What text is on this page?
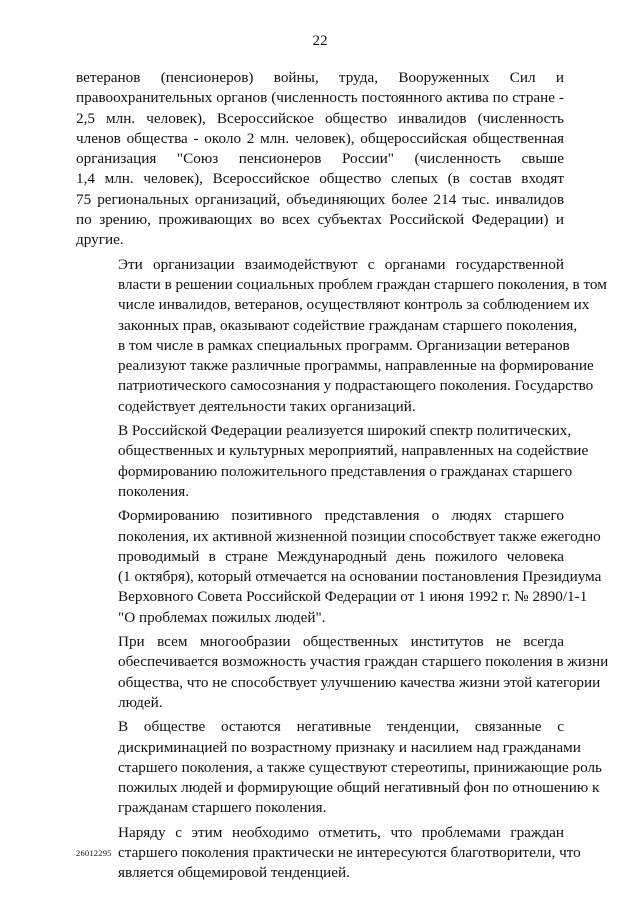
22

ветеранов (пенсионеров) войны, труда, Вооруженных Сил и
правоохранительных органов (численность постоянного актива по стране -
2,5 млн. человек), Всероссийское общество инвалидов (численность
членов общества - около 2 млн. человек), общероссийская общественная
организация "Союз пенсионеров России" (численность свыше
1,4 млн. человек), Всероссийское общество слепых (в состав входят
75 региональных организаций, объединяющих более 214 тыс. инвалидов
по зрению, проживающих во всех субъектах Российской Федерации) и
другие.

Эти организации взаимодействуют с органами государственной
власти в решении социальных проблем граждан старшего поколения, в том
числе инвалидов, ветеранов, осуществляют контроль за соблюдением их
законных прав, оказывают содействие гражданам старшего поколения,
в том числе в рамках специальных программ. Организации ветеранов
реализуют также различные программы, направленные на формирование
патриотического самосознания у подрастающего поколения. Государство
содействует деятельности таких организаций.

В Российской Федерации реализуется широкий спектр политических,
общественных и культурных мероприятий, направленных на содействие
формированию положительного представления о гражданах старшего
поколения.

Формированию позитивного представления о людях старшего
поколения, их активной жизненной позиции способствует также ежегодно
проводимый в стране Международный день пожилого человека
(1 октября), который отмечается на основании постановления Президиума
Верховного Совета Российской Федерации от 1 июня 1992 г. № 2890/1-1
"О проблемах пожилых людей".

При всем многообразии общественных институтов не всегда
обеспечивается возможность участия граждан старшего поколения в жизни
общества, что не способствует улучшению качества жизни этой категории
людей.

В обществе остаются негативные тенденции, связанные с
дискриминацией по возрастному признаку и насилием над гражданами
старшего поколения, а также существуют стереотипы, принижающие роль
пожилых людей и формирующие общий негативный фон по отношению к
гражданам старшего поколения.

Наряду с этим необходимо отметить, что проблемами граждан
старшего поколения практически не интересуются благотворители, что
является общемировой тенденцией.

26012295
